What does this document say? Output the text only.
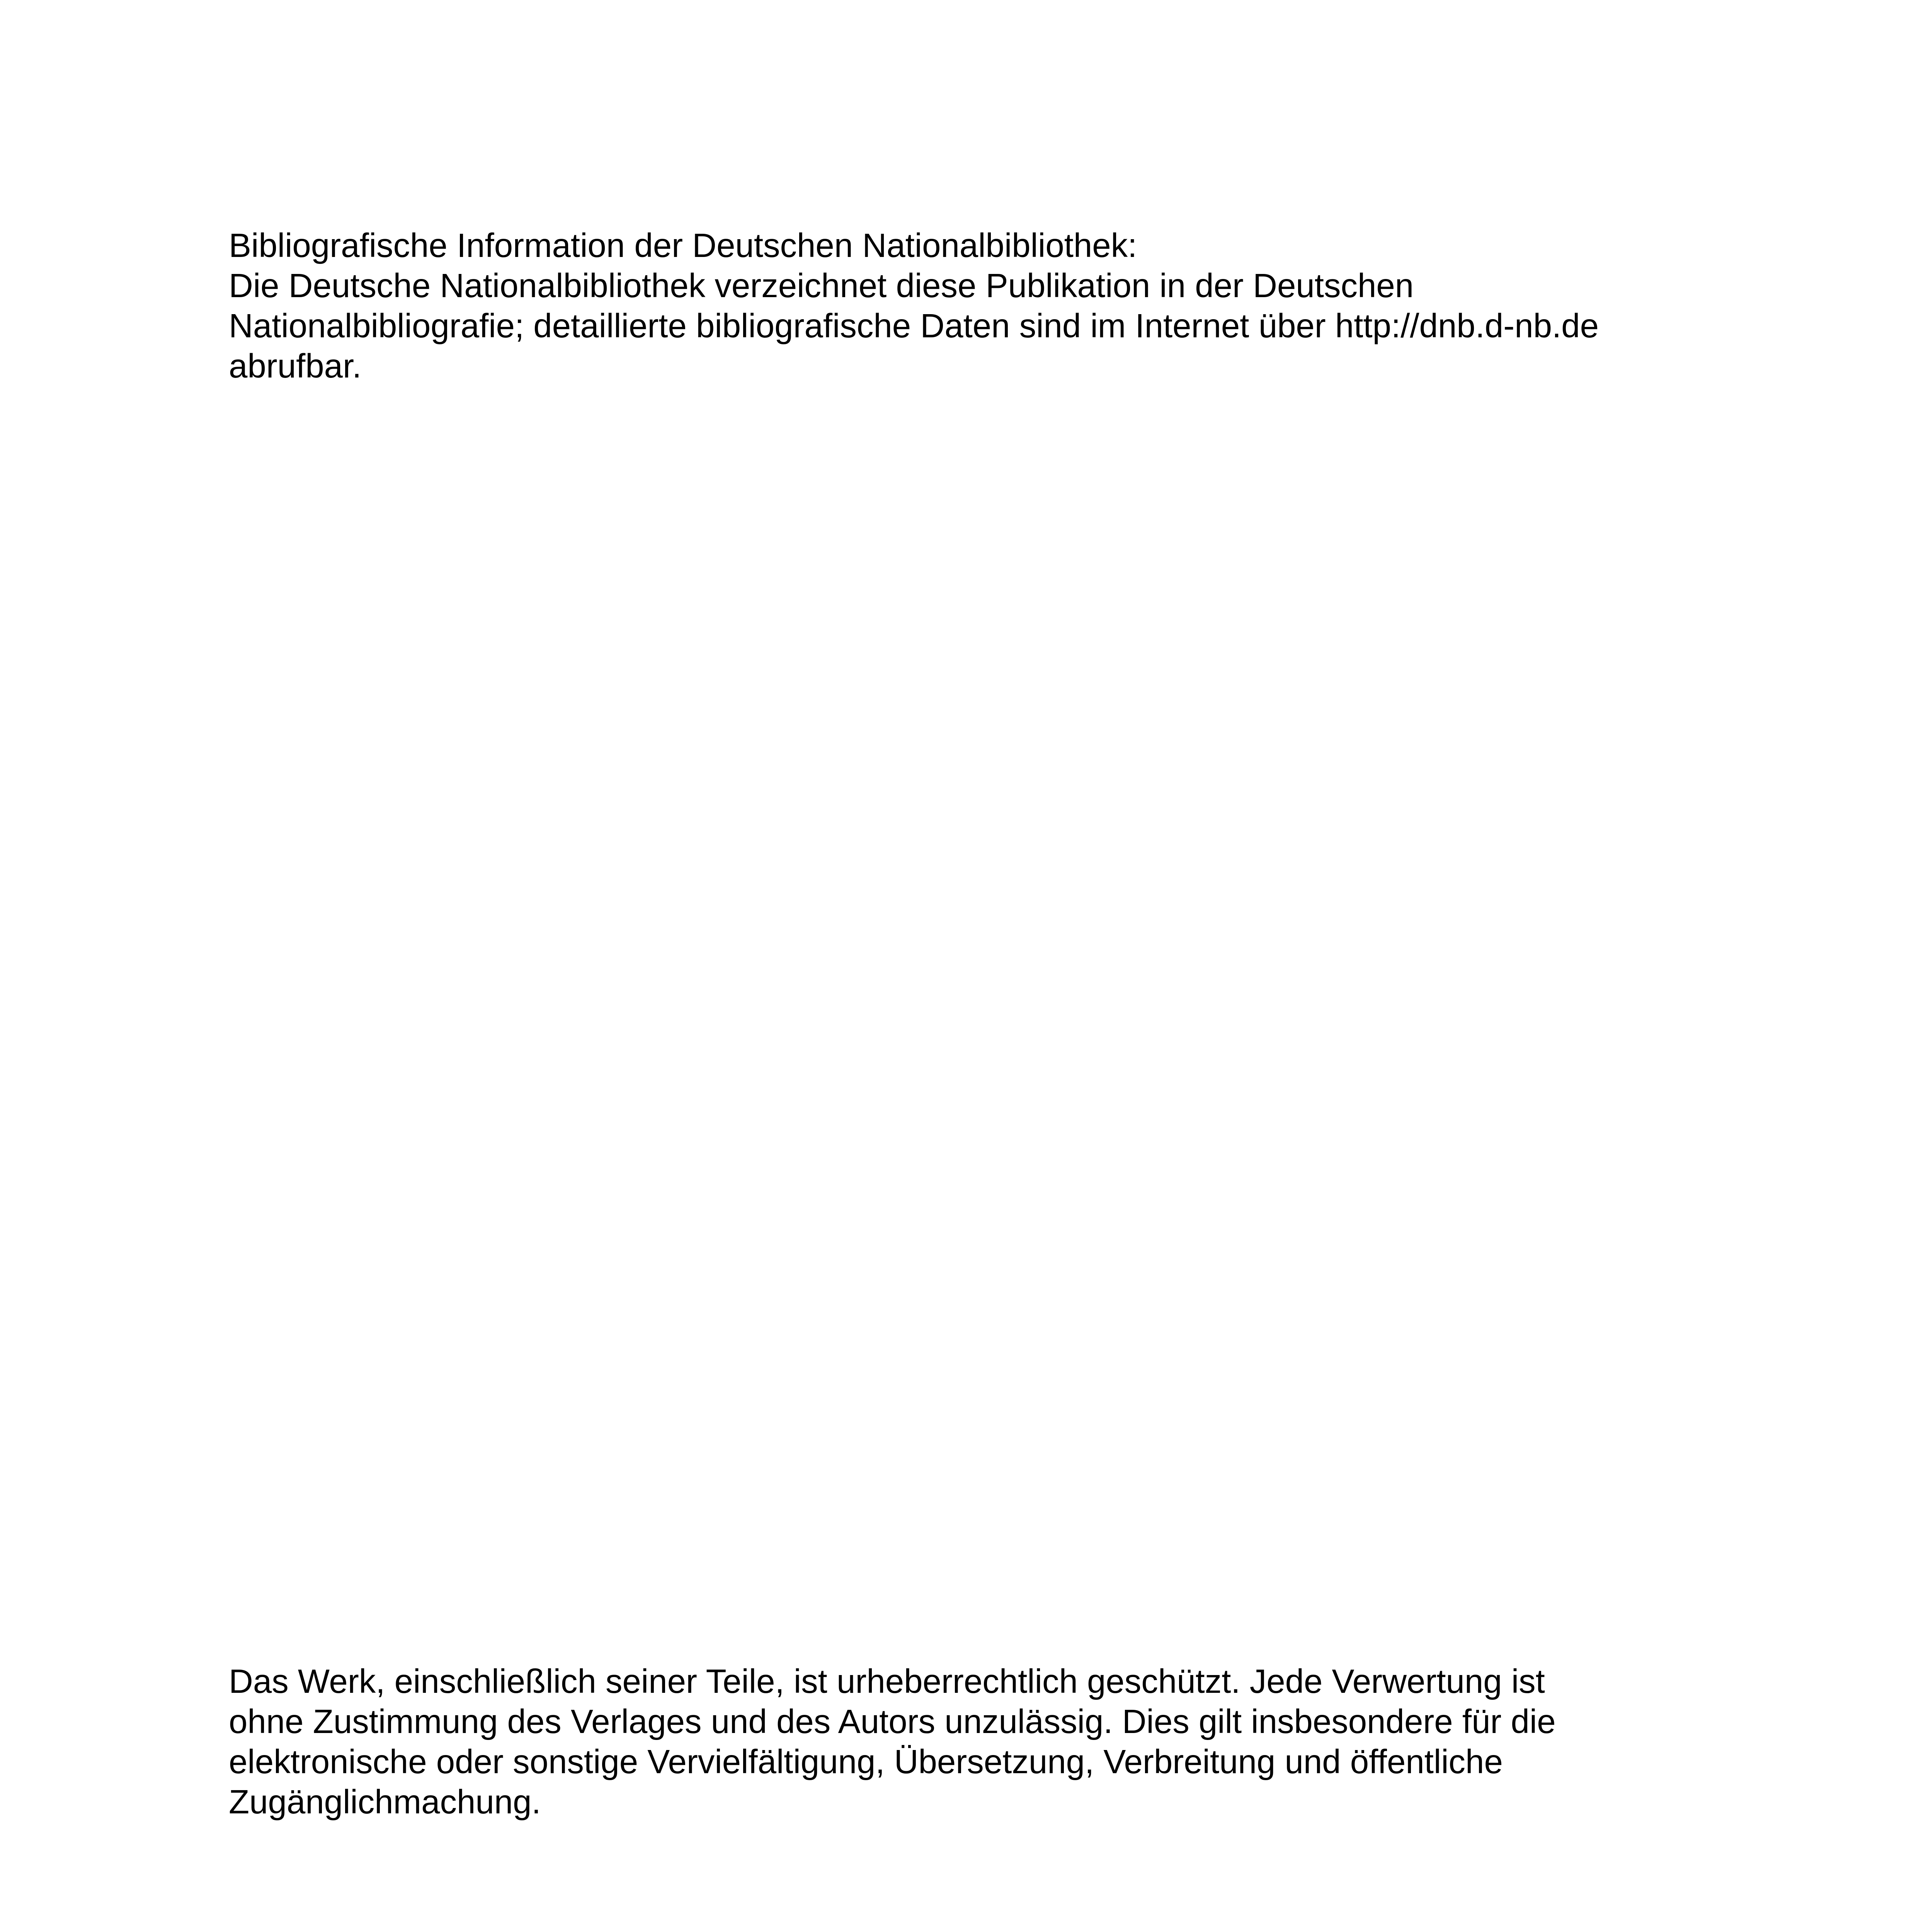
Bibliografische Information der Deutschen Nationalbibliothek:
Die Deutsche Nationalbibliothek verzeichnet diese Publikation in der Deutschen
Nationalbibliografie; detaillierte bibliografische Daten sind im Internet über http://dnb.d-nb.de
abrufbar.
Das Werk, einschließlich seiner Teile, ist urheberrechtlich geschützt. Jede Verwertung ist
ohne Zustimmung des Verlages und des Autors unzulässig. Dies gilt insbesondere für die
elektronische oder sonstige Vervielfältigung, Übersetzung, Verbreitung und öffentliche
Zugänglichmachung.
